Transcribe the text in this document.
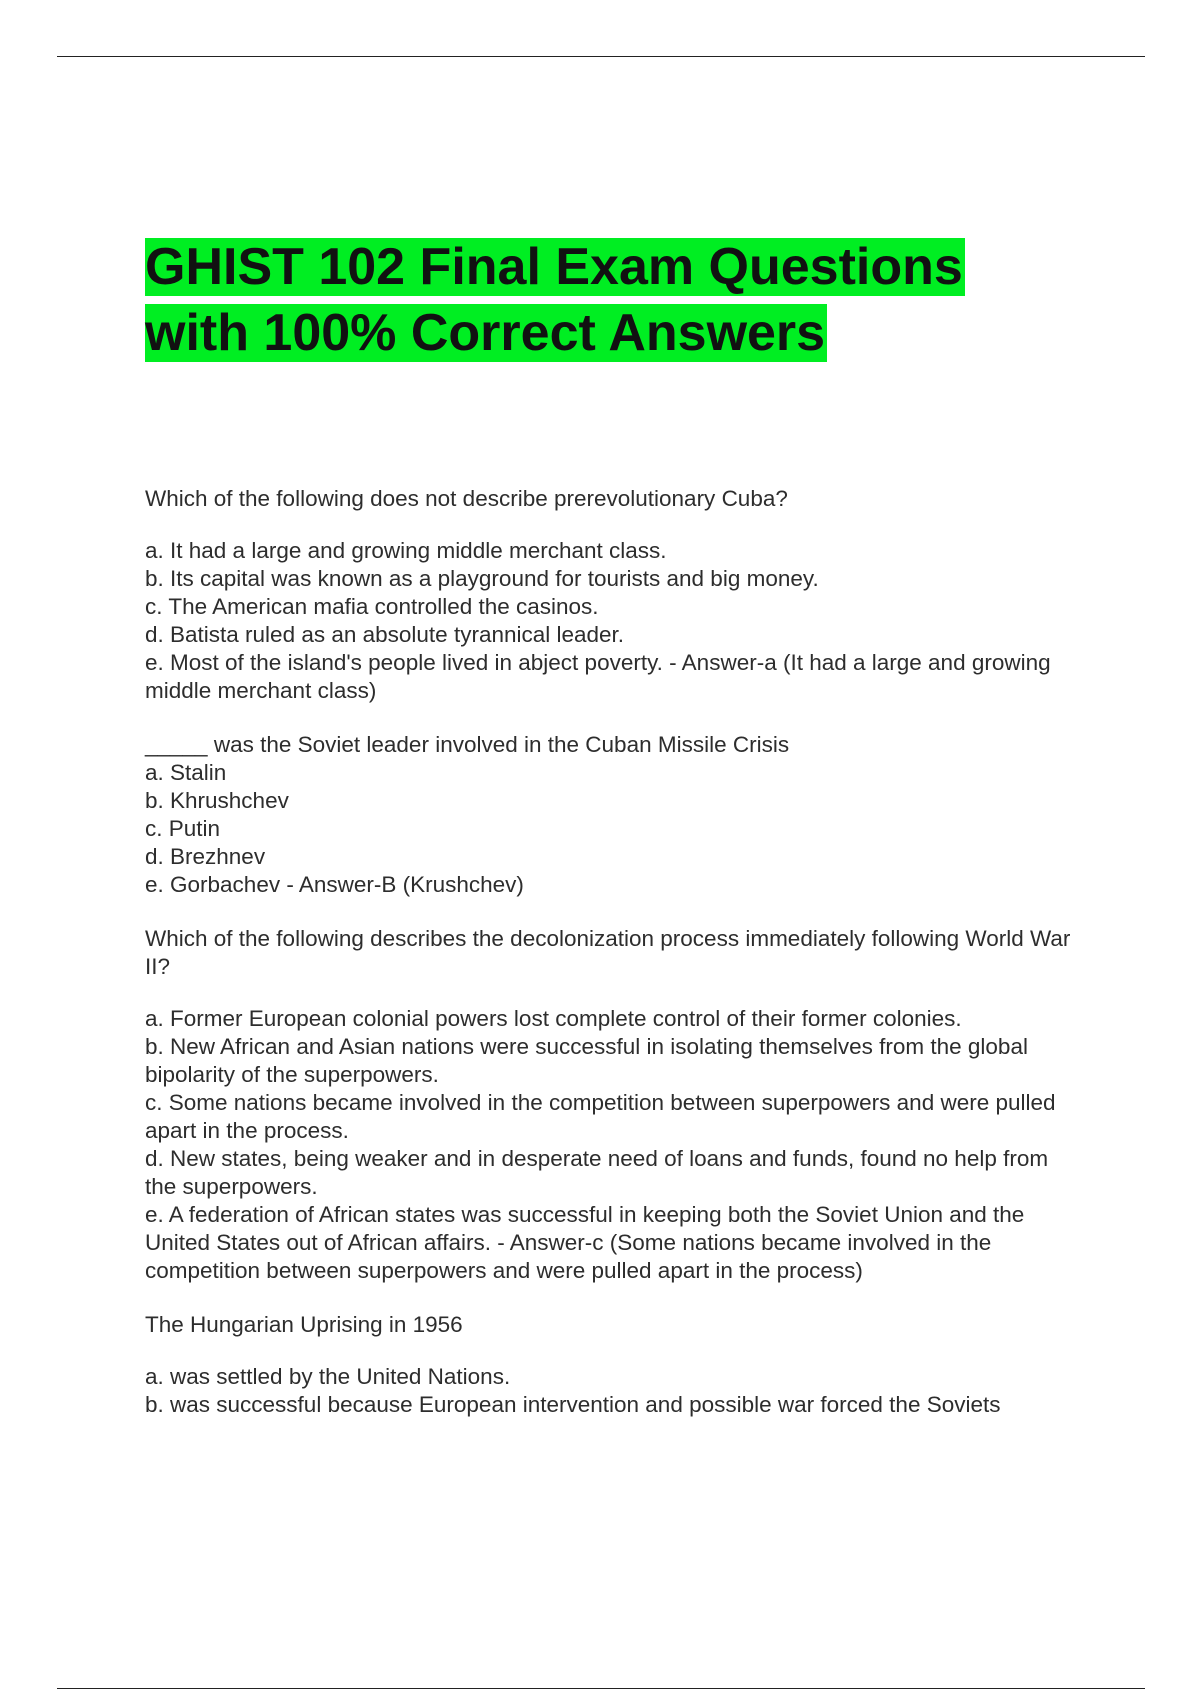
GHIST 102 Final Exam Questions
with 100% Correct Answers

Which of the following does not describe prerevolutionary Cuba?

a. It had a large and growing middle merchant class.

b. Its capital was known as a playground for tourists and big money.

c. The American mafia controlled the casinos.

d. Batista ruled as an absolute tyrannical leader.

e. Most of the island's people lived in abject poverty. - Answer-a (It had a large and growing middle merchant class)

_____ was the Soviet leader involved in the Cuban Missile Crisis

a. Stalin

b. Khrushchev

c. Putin

d. Brezhnev

e. Gorbachev - Answer-B (Krushchev)

Which of the following describes the decolonization process immediately following World War II?

a. Former European colonial powers lost complete control of their former colonies.

b. New African and Asian nations were successful in isolating themselves from the global bipolarity of the superpowers.

c. Some nations became involved in the competition between superpowers and were pulled apart in the process.

d. New states, being weaker and in desperate need of loans and funds, found no help from the superpowers.

e. A federation of African states was successful in keeping both the Soviet Union and the United States out of African affairs. - Answer-c (Some nations became involved in the competition between superpowers and were pulled apart in the process)

The Hungarian Uprising in 1956

a. was settled by the United Nations.

b. was successful because European intervention and possible war forced the Soviets
